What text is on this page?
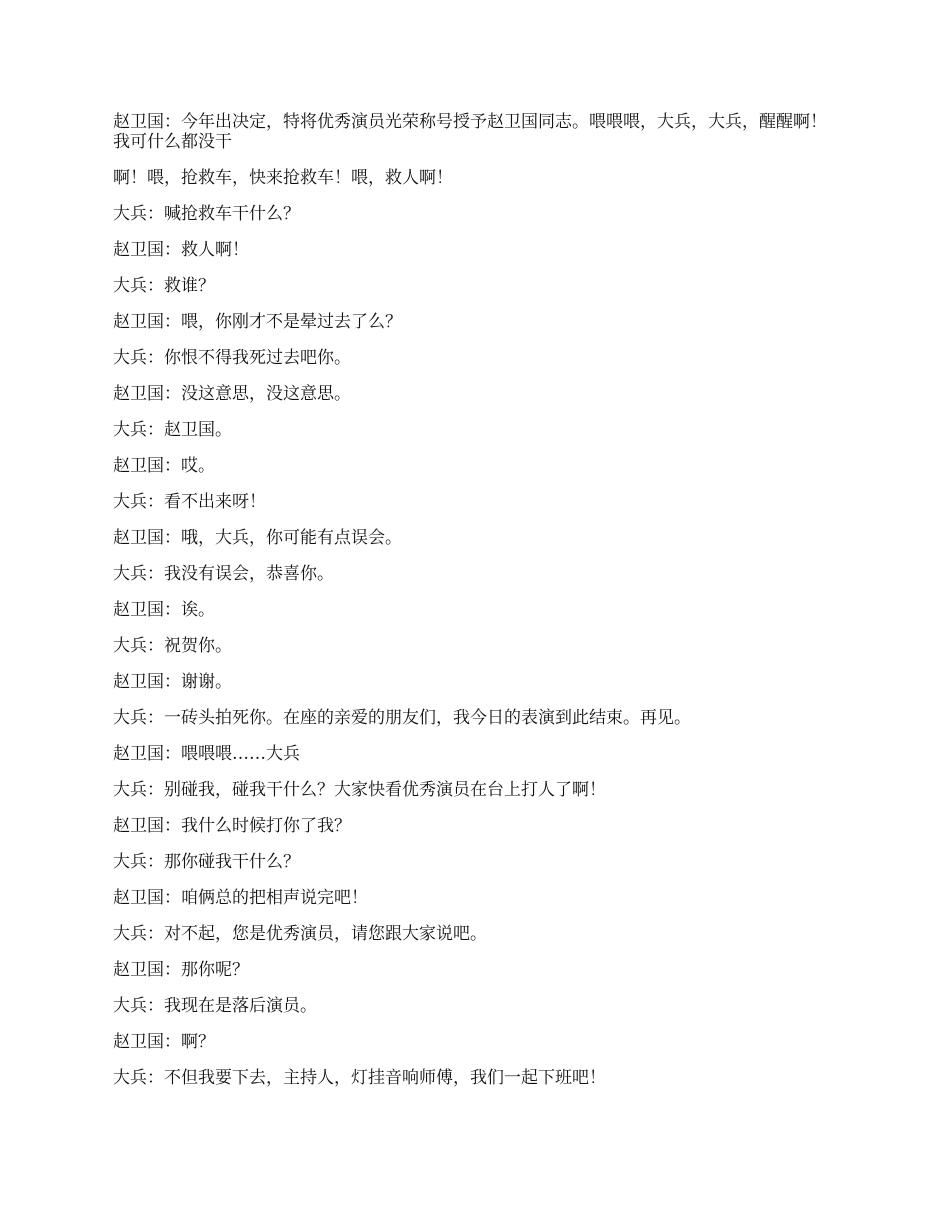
赵卫国：今年出决定，特将优秀演员光荣称号授予赵卫国同志。喂喂喂，大兵，大兵，醒醒啊！我可什么都没干

啊！喂，抢救车，快来抢救车！喂，救人啊！

大兵：喊抢救车干什么？

赵卫国：救人啊！

大兵：救谁？

赵卫国：喂，你刚才不是晕过去了么？

大兵：你恨不得我死过去吧你。

赵卫国：没这意思，没这意思。

大兵：赵卫国。

赵卫国：哎。

大兵：看不出来呀！

赵卫国：哦，大兵，你可能有点误会。

大兵：我没有误会，恭喜你。

赵卫国：诶。

大兵：祝贺你。

赵卫国：谢谢。

大兵：一砖头拍死你。在座的亲爱的朋友们，我今日的表演到此结束。再见。

赵卫国：喂喂喂……大兵

大兵：别碰我，碰我干什么？大家快看优秀演员在台上打人了啊！

赵卫国：我什么时候打你了我？

大兵：那你碰我干什么？

赵卫国：咱俩总的把相声说完吧！

大兵：对不起，您是优秀演员，请您跟大家说吧。

赵卫国：那你呢？

大兵：我现在是落后演员。

赵卫国：啊？

大兵：不但我要下去，主持人，灯挂音响师傅，我们一起下班吧！
